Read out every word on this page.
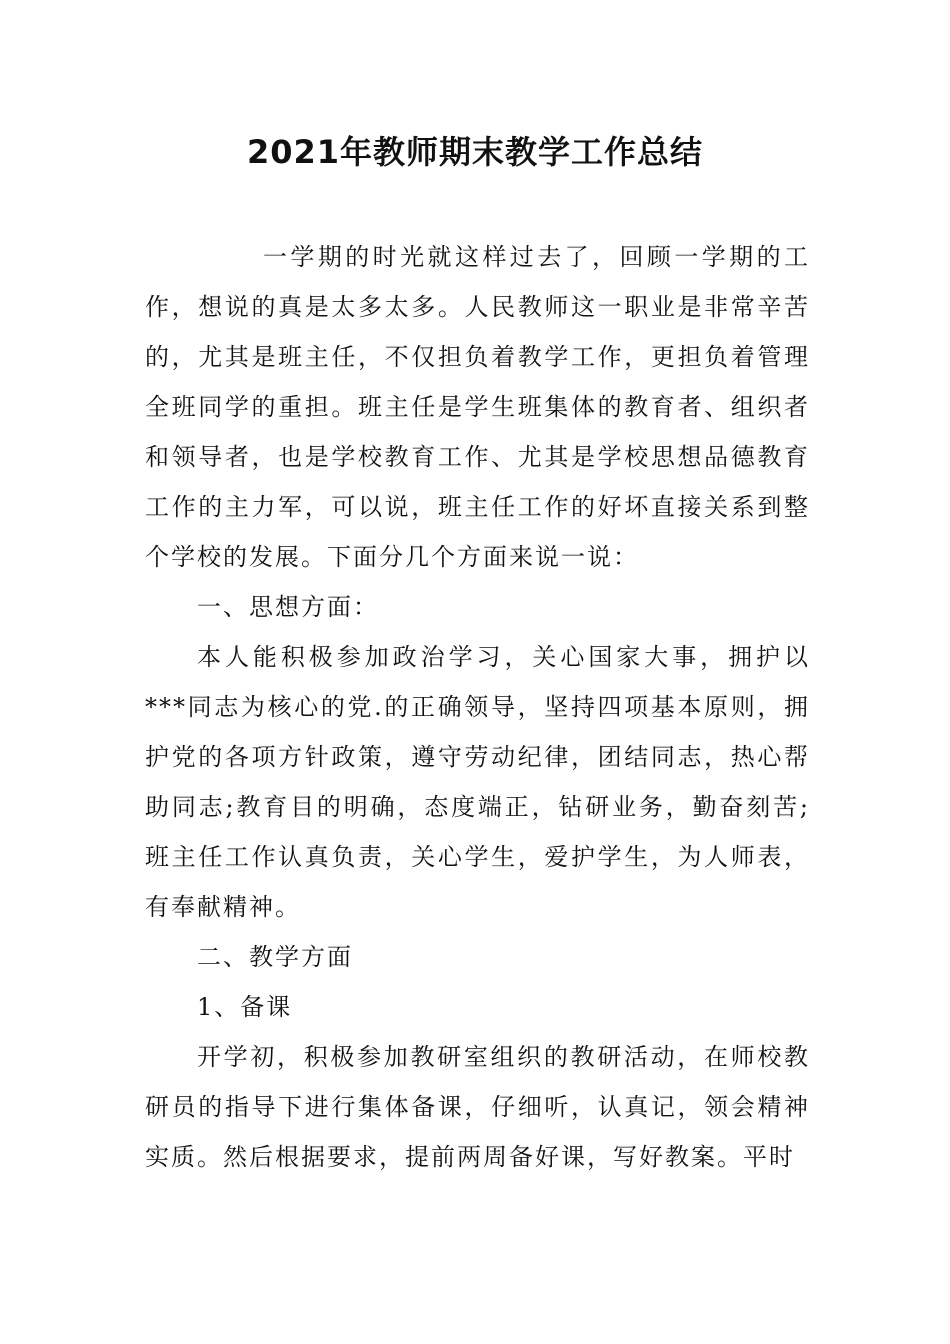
2021年教师期末教学工作总结

一学期的时光就这样过去了，回顾一学期的工作，想说的真是太多太多。人民教师这一职业是非常辛苦的，尤其是班主任，不仅担负着教学工作，更担负着管理全班同学的重担。班主任是学生班集体的教育者、组织者和领导者，也是学校教育工作、尤其是学校思想品德教育工作的主力军，可以说，班主任工作的好坏直接关系到整个学校的发展。下面分几个方面来说一说：

一、思想方面：

本人能积极参加政治学习，关心国家大事，拥护以***同志为核心的党.的正确领导，坚持四项基本原则，拥护党的各项方针政策，遵守劳动纪律，团结同志，热心帮助同志;教育目的明确，态度端正，钻研业务，勤奋刻苦;班主任工作认真负责，关心学生，爱护学生，为人师表，有奉献精神。

二、教学方面

1、备课

开学初，积极参加教研室组织的教研活动，在师校教研员的指导下进行集体备课，仔细听，认真记，领会精神实质。然后根据要求，提前两周备好课，写好教案。平时
